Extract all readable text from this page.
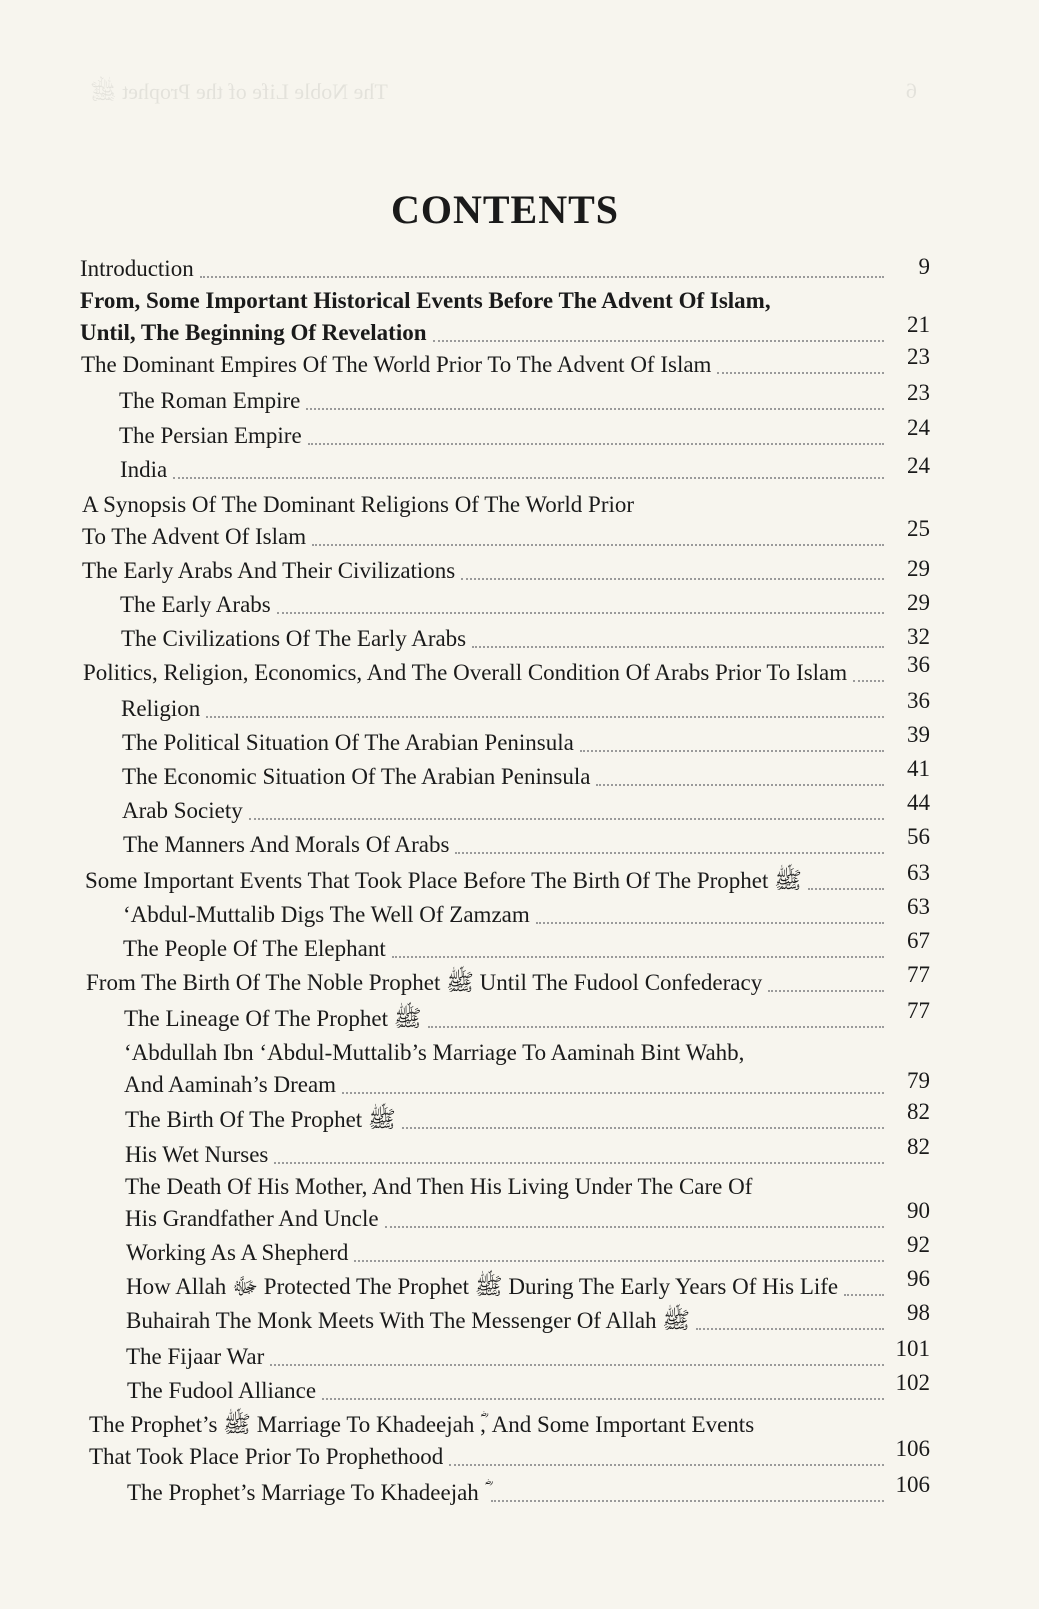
The Noble Life of the Prophet ﷺ	6
CONTENTS
Introduction	9
From, Some Important Historical Events Before The Advent Of Islam,
Until, The Beginning Of Revelation	21
The Dominant Empires Of The World Prior To The Advent Of Islam	23
The Roman Empire	23
The Persian Empire	24
India	24
A Synopsis Of The Dominant Religions Of The World Prior
To The Advent Of Islam	25
The Early Arabs And Their Civilizations	29
The Early Arabs	29
The Civilizations Of The Early Arabs	32
Politics, Religion, Economics, And The Overall Condition Of Arabs Prior To Islam	36
Religion	36
The Political Situation Of The Arabian Peninsula	39
The Economic Situation Of The Arabian Peninsula	41
Arab Society	44
The Manners And Morals Of Arabs	56
Some Important Events That Took Place Before The Birth Of The Prophet ﷺ	63
‘Abdul-Muttalib Digs The Well Of Zamzam	63
The People Of The Elephant	67
From The Birth Of The Noble Prophet ﷺ Until The Fudool Confederacy	77
The Lineage Of The Prophet ﷺ	77
‘Abdullah Ibn ‘Abdul-Muttalib’s Marriage To Aaminah Bint Wahb,
And Aaminah’s Dream	79
The Birth Of The Prophet ﷺ	82
His Wet Nurses	82
The Death Of His Mother, And Then His Living Under The Care Of
His Grandfather And Uncle	90
Working As A Shepherd	92
How Allah ﷻ Protected The Prophet ﷺ During The Early Years Of His Life	96
Buhairah The Monk Meets With The Messenger Of Allah ﷺ	98
The Fijaar War	101
The Fudool Alliance	102
The Prophet’s ﷺ Marriage To Khadeejah ؓ, And Some Important Events
That Took Place Prior To Prophethood	106
The Prophet’s Marriage To Khadeejah ؓ	106
